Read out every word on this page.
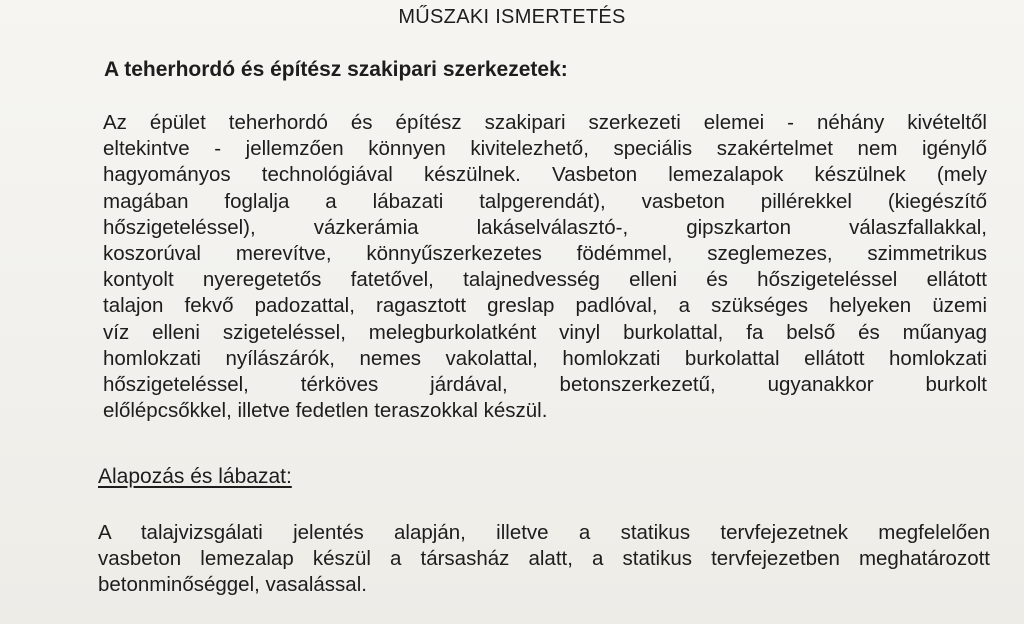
MŰSZAKI ISMERTETÉS
A teherhordó és építész szakipari szerkezetek:
Az épület teherhordó és építész szakipari szerkezeti elemei - néhány kivételtől
eltekintve - jellemzően könnyen kivitelezhető, speciális szakértelmet nem igénylő
hagyományos technológiával készülnek. Vasbeton lemezalapok készülnek (mely
magában foglalja a lábazati talpgerendát), vasbeton pillérekkel (kiegészítő
hőszigeteléssel), vázkerámia lakáselválasztó-, gipszkarton válaszfallakkal,
koszorúval merevítve, könnyűszerkezetes födémmel, szeglemezes, szimmetrikus
kontyolt nyeregetetős fatetővel, talajnedvesség elleni és hőszigeteléssel ellátott
talajon fekvő padozattal, ragasztott greslap padlóval, a szükséges helyeken üzemi
víz elleni szigeteléssel, melegburkolatként vinyl burkolattal, fa belső és műanyag
homlokzati nyílászárók, nemes vakolattal, homlokzati burkolattal ellátott homlokzati
hőszigeteléssel, térköves járdával, betonszerkezetű, ugyanakkor burkolt
előlépcsőkkel, illetve fedetlen teraszokkal készül.
Alapozás és lábazat:
A talajvizsgálati jelentés alapján, illetve a statikus tervfejezetnek megfelelően
vasbeton lemezalap készül a társasház alatt, a statikus tervfejezetben meghatározott
betonminőséggel, vasalással.
